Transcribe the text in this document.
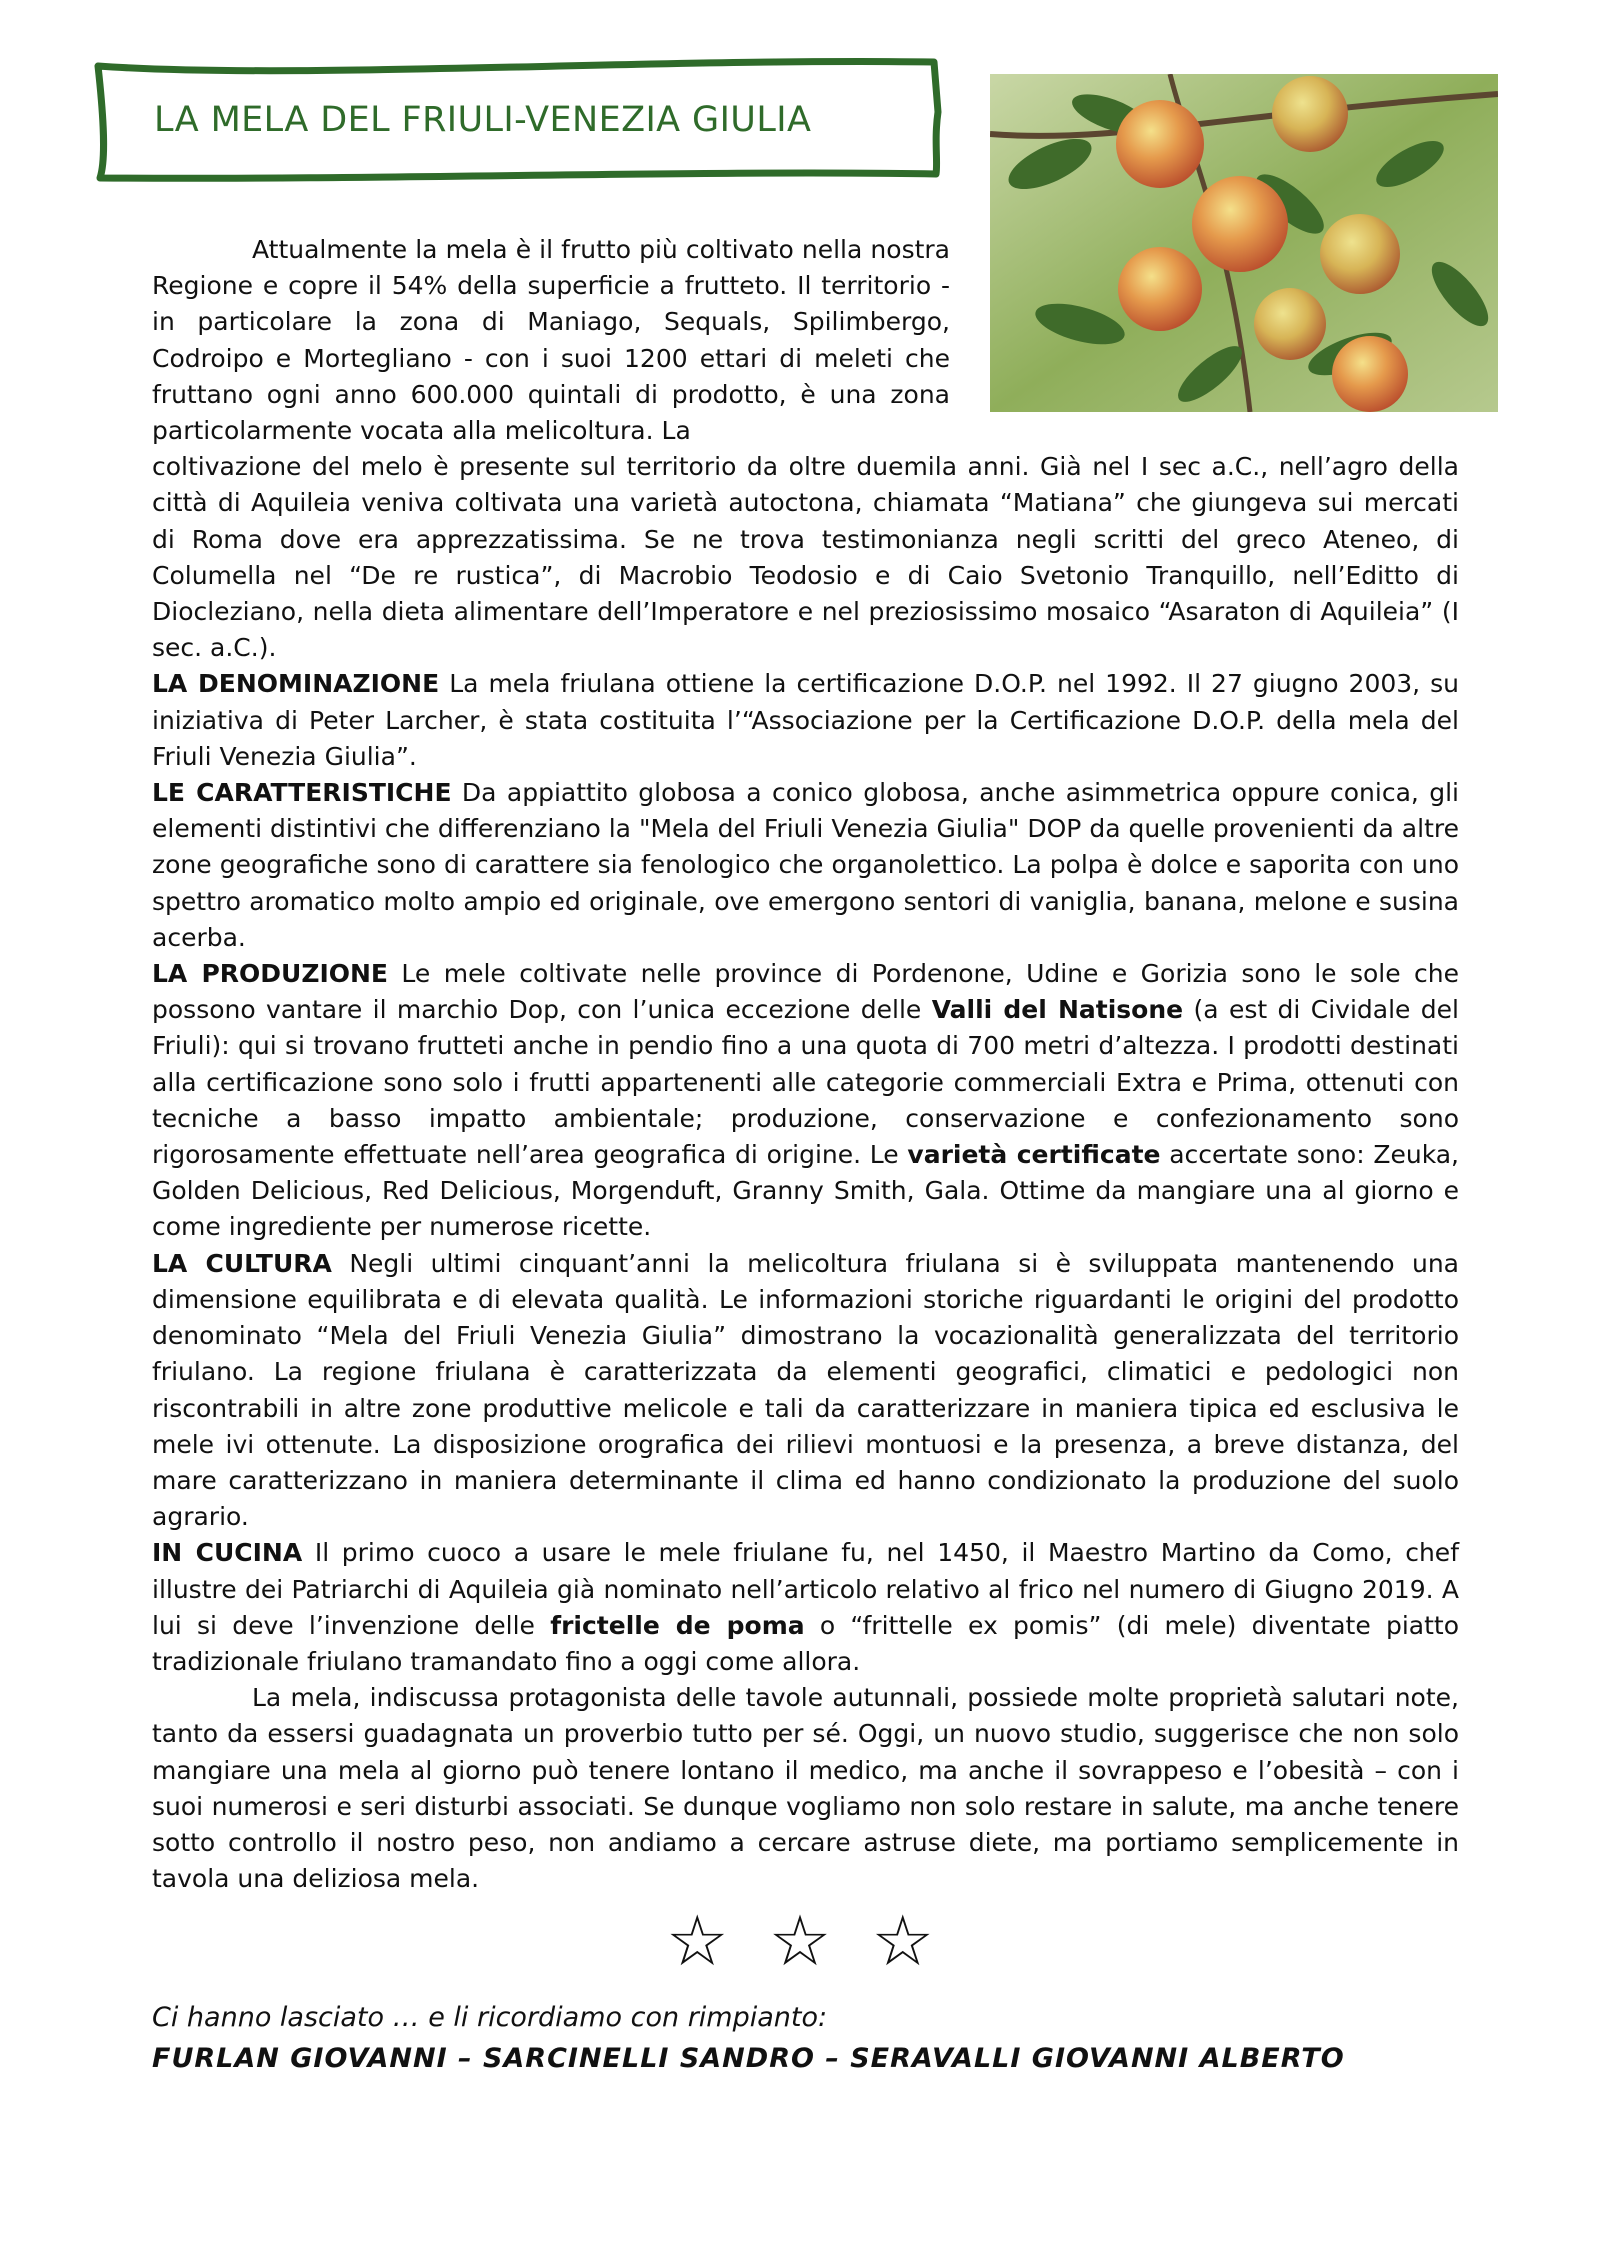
LA MELA DEL FRIULI-VENEZIA GIULIA

Attualmente la mela è il frutto più coltivato nella nostra Regione e copre il 54% della superficie a frutteto. Il territorio - in particolare la zona di Maniago, Sequals, Spilimbergo, Codroipo e Mortegliano - con i suoi 1200 ettari di meleti che fruttano ogni anno 600.000 quintali di prodotto, è una zona particolarmente vocata alla melicoltura. La

coltivazione del melo è presente sul territorio da oltre duemila anni. Già nel I sec a.C., nell’agro della città di Aquileia veniva coltivata una varietà autoctona, chiamata “Matiana” che giungeva sui mercati di Roma dove era apprezzatissima. Se ne trova testimonianza negli scritti del greco Ateneo, di Columella nel “De re rustica”, di Macrobio Teodosio e di Caio Svetonio Tranquillo, nell’Editto di Diocleziano, nella dieta alimentare dell’Imperatore e nel preziosissimo mosaico “Asaraton di Aquileia” (I sec. a.C.).

LA DENOMINAZIONE La mela friulana ottiene la certificazione D.O.P. nel 1992. Il 27 giugno 2003, su iniziativa di Peter Larcher, è stata costituita l’“Associazione per la Certificazione D.O.P. della mela del Friuli Venezia Giulia”.

LE CARATTERISTICHE Da appiattito globosa a conico globosa, anche asimmetrica oppure conica, gli elementi distintivi che differenziano la "Mela del Friuli Venezia Giulia" DOP da quelle provenienti da altre zone geografiche sono di carattere sia fenologico che organolettico. La polpa è dolce e saporita con uno spettro aromatico molto ampio ed originale, ove emergono sentori di vaniglia, banana, melone e susina acerba.

LA PRODUZIONE Le mele coltivate nelle province di Pordenone, Udine e Gorizia sono le sole che possono vantare il marchio Dop, con l’unica eccezione delle Valli del Natisone (a est di Cividale del Friuli): qui si trovano frutteti anche in pendio fino a una quota di 700 metri d’altezza. I prodotti destinati alla certificazione sono solo i frutti appartenenti alle categorie commerciali Extra e Prima, ottenuti con tecniche a basso impatto ambientale; produzione, conservazione e confezionamento sono rigorosamente effettuate nell’area geografica di origine. Le varietà certificate accertate sono: Zeuka, Golden Delicious, Red Delicious, Morgenduft, Granny Smith, Gala. Ottime da mangiare una al giorno e come ingrediente per numerose ricette.

LA CULTURA Negli ultimi cinquant’anni la melicoltura friulana si è sviluppata mantenendo una dimensione equilibrata e di elevata qualità. Le informazioni storiche riguardanti le origini del prodotto denominato “Mela del Friuli Venezia Giulia” dimostrano la vocazionalità generalizzata del territorio friulano. La regione friulana è caratterizzata da elementi geografici, climatici e pedologici non riscontrabili in altre zone produttive melicole e tali da caratterizzare in maniera tipica ed esclusiva le mele ivi ottenute. La disposizione orografica dei rilievi montuosi e la presenza, a breve distanza, del mare caratterizzano in maniera determinante il clima ed hanno condizionato la produzione del suolo agrario.

IN CUCINA Il primo cuoco a usare le mele friulane fu, nel 1450, il Maestro Martino da Como, chef illustre dei Patriarchi di Aquileia già nominato nell’articolo relativo al frico nel numero di Giugno 2019. A lui si deve l’invenzione delle frictelle de poma o “frittelle ex pomis” (di mele) diventate piatto tradizionale friulano tramandato fino a oggi come allora.

La mela, indiscussa protagonista delle tavole autunnali, possiede molte proprietà salutari note, tanto da essersi guadagnata un proverbio tutto per sé. Oggi, un nuovo studio, suggerisce che non solo mangiare una mela al giorno può tenere lontano il medico, ma anche il sovrappeso e l’obesità – con i suoi numerosi e seri disturbi associati. Se dunque vogliamo non solo restare in salute, ma anche tenere sotto controllo il nostro peso, non andiamo a cercare astruse diete, ma portiamo semplicemente in tavola una deliziosa mela.

☆☆☆
Ci hanno lasciato … e li ricordiamo con rimpianto:
FURLAN GIOVANNI – SARCINELLI SANDRO – SERAVALLI GIOVANNI ALBERTO
